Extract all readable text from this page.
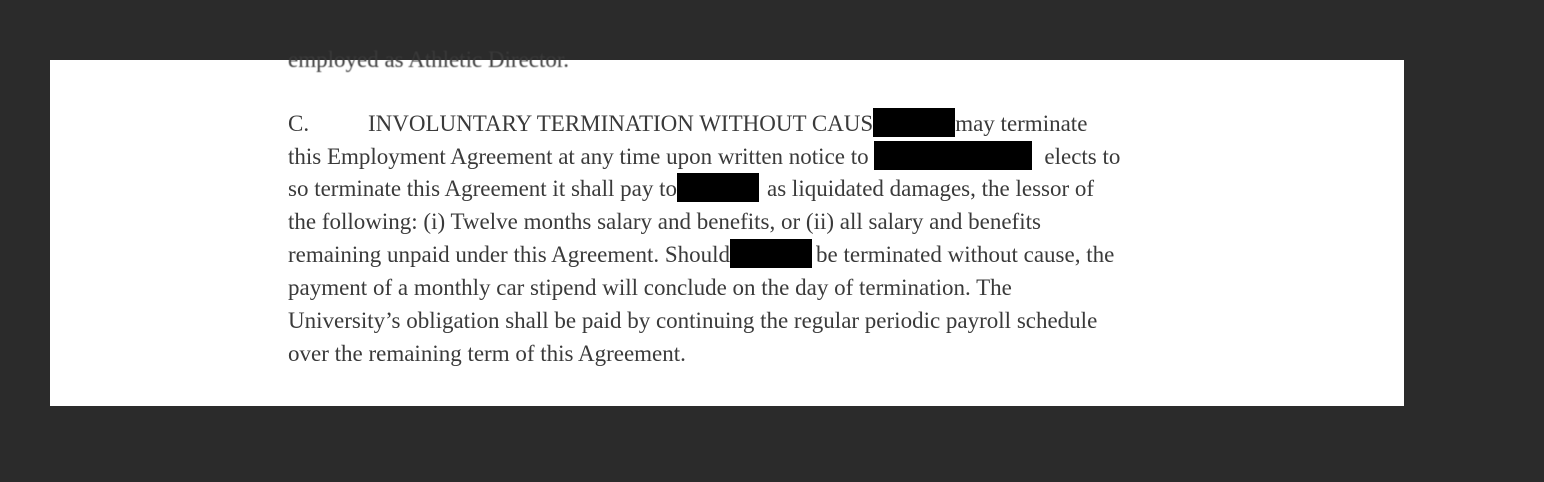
employed as Athletic Director.
C.	INVOLUNTARY TERMINATION WITHOUT CAUS	may terminate
this Employment Agreement at any time upon written notice to	elects to
so terminate this Agreement it shall pay to	as liquidated damages, the lessor of
the following: (i) Twelve months salary and benefits, or (ii) all salary and benefits
remaining unpaid under this Agreement. Should	be terminated without cause, the
payment of a monthly car stipend will conclude on the day of termination. The
University’s obligation shall be paid by continuing the regular periodic payroll schedule
over the remaining term of this Agreement.
